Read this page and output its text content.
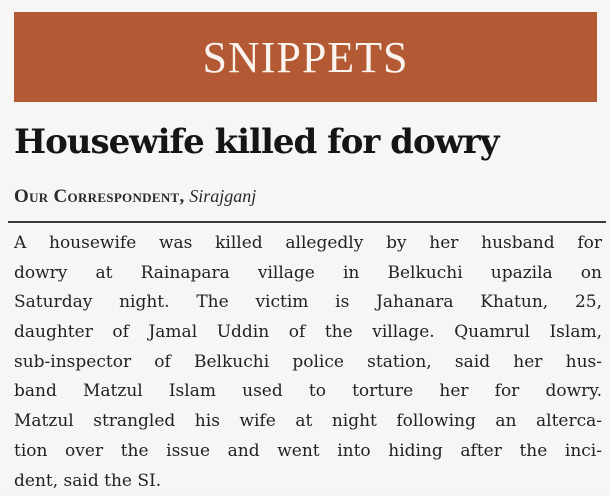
SNIPPETS
Housewife killed for dowry
Our Correspondent, Sirajganj
A housewife was killed allegedly by her husband for
dowry at Rainapara village in Belkuchi upazila on
Saturday night. The victim is Jahanara Khatun, 25,
daughter of Jamal Uddin of the village. Quamrul Islam,
sub-inspector of Belkuchi police station, said her hus-
band Matzul Islam used to torture her for dowry.
Matzul strangled his wife at night following an alterca-
tion over the issue and went into hiding after the inci-
dent, said the SI.
